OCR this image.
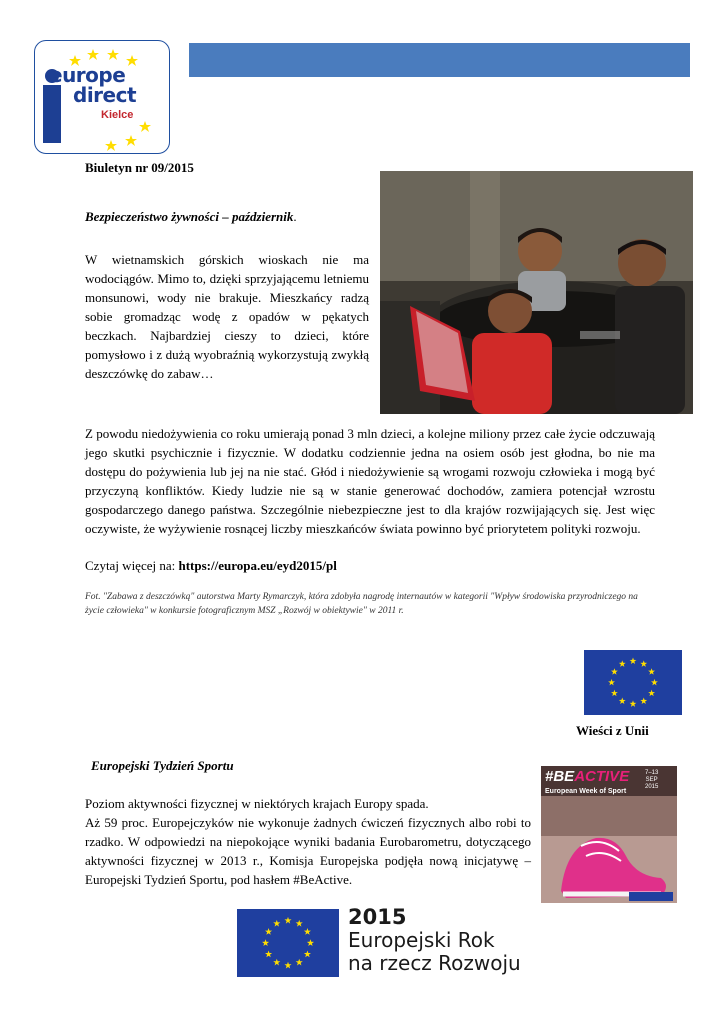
europe
direct
Kielce

Biuletyn nr 09/2015

Bezpieczeństwo żywności – październik.

W wietnamskich górskich wioskach nie ma wodociągów. Mimo to, dzięki sprzyjającemu letniemu monsunowi, wody nie brakuje. Mieszkańcy radzą sobie gromadząc wodę z opadów w pękatych beczkach. Najbardziej cieszy to dzieci, które pomysłowo i z dużą wyobraźnią wykorzystują zwykłą deszczówkę do zabaw…

Z powodu niedożywienia co roku umierają ponad 3 mln dzieci, a kolejne miliony przez całe życie odczuwają jego skutki psychicznie i fizycznie. W dodatku codziennie jedna na osiem osób jest głodna, bo nie ma dostępu do pożywienia lub jej na nie stać. Głód i niedożywienie są wrogami rozwoju człowieka i mogą być przyczyną konfliktów. Kiedy ludzie nie są w stanie generować dochodów, zamiera potencjał wzrostu gospodarczego danego państwa. Szczególnie niebezpieczne jest to dla krajów rozwijających się. Jest więc oczywiste, że wyżywienie rosnącej liczby mieszkańców świata powinno być priorytetem polityki rozwoju.

Czytaj więcej na: https://europa.eu/eyd2015/pl

Fot. "Zabawa z deszczówką" autorstwa Marty Rymarczyk, która zdobyła nagrodę internautów w kategorii "Wpływ środowiska przyrodniczego na życie człowieka" w konkursie fotograficznym MSZ „Rozwój w obiektywie" w 2011 r.

Wieści z Unii

Europejski Tydzień Sportu

Poziom aktywności fizycznej w niektórych krajach Europy spada.
Aż 59 proc. Europejczyków nie wykonuje żadnych ćwiczeń fizycznych albo robi to rzadko. W odpowiedzi na niepokojące wyniki badania Eurobarometru, dotyczącego aktywności fizycznej w 2013 r., Komisja Europejska podjęła nową inicjatywę – Europejski Tydzień Sportu, pod hasłem #BeActive.

#BEACTIVE
European Week of Sport
7–13
SEP
2015
2015
Europejski Rok
na rzecz Rozwoju
